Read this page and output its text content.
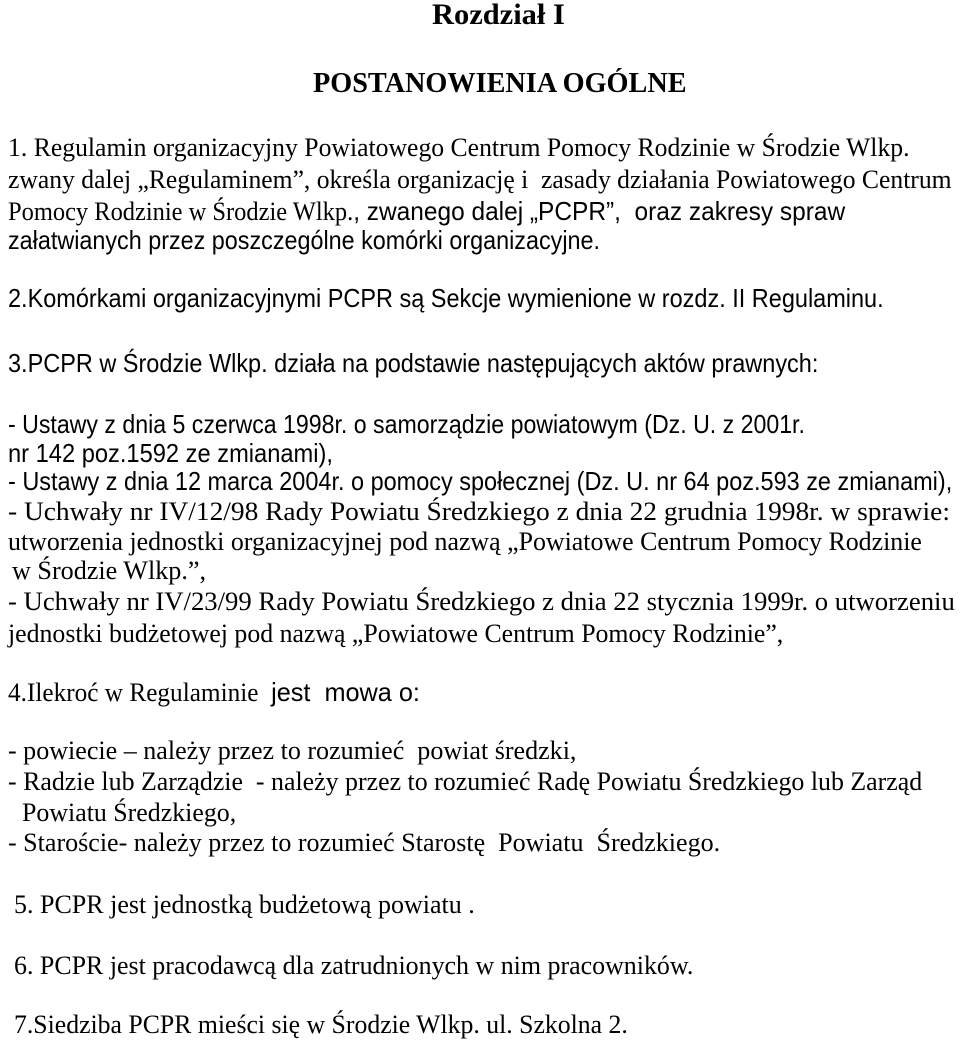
Rozdział I
POSTANOWIENIA OGÓLNE
1. Regulamin organizacyjny Powiatowego Centrum Pomocy Rodzinie w Środzie Wlkp.
zwany dalej „Regulaminem”, określa organizację i  zasady działania Powiatowego Centrum
Pomocy Rodzinie w Środzie Wlkp., zwanego dalej „PCPR”,  oraz zakresy spraw
załatwianych przez poszczególne komórki organizacyjne.
2.Komórkami organizacyjnymi PCPR są Sekcje wymienione w rozdz. II Regulaminu.
3.PCPR w Środzie Wlkp. działa na podstawie następujących aktów prawnych:
- Ustawy z dnia 5 czerwca 1998r. o samorządzie powiatowym (Dz. U. z 2001r.
nr 142 poz.1592 ze zmianami),
- Ustawy z dnia 12 marca 2004r. o pomocy społecznej (Dz. U. nr 64 poz.593 ze zmianami),
- Uchwały nr IV/12/98 Rady Powiatu Średzkiego z dnia 22 grudnia 1998r. w sprawie:
utworzenia jednostki organizacyjnej pod nazwą „Powiatowe Centrum Pomocy Rodzinie
w Środzie Wlkp.”,
- Uchwały nr IV/23/99 Rady Powiatu Średzkiego z dnia 22 stycznia 1999r. o utworzeniu
jednostki budżetowej pod nazwą „Powiatowe Centrum Pomocy Rodzinie”,
4.Ilekroć w Regulaminie jest  mowa o:
- powiecie – należy przez to rozumieć  powiat średzki,
- Radzie lub Zarządzie  - należy przez to rozumieć Radę Powiatu Średzkiego lub Zarząd
Powiatu Średzkiego,
- Staroście- należy przez to rozumieć Starostę  Powiatu  Średzkiego.
5. PCPR jest jednostką budżetową powiatu .
6. PCPR jest pracodawcą dla zatrudnionych w nim pracowników.
7.Siedziba PCPR mieści się w Środzie Wlkp. ul. Szkolna 2.
